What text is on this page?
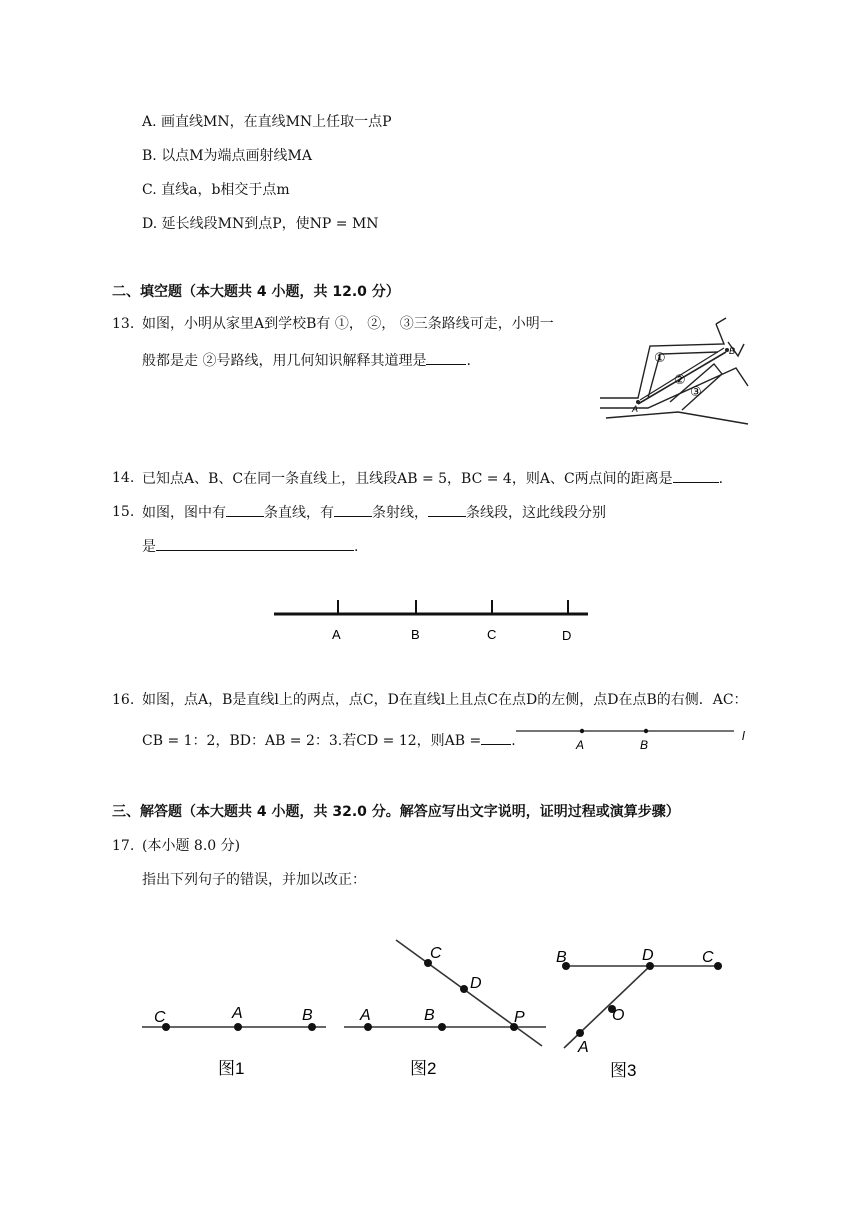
A. 画直线MN，在直线MN上任取一点P
B. 以点M为端点画射线MA
C. 直线a，b相交于点m
D. 延长线段MN到点P，使NP = MN
二、填空题（本大题共 4 小题，共 12.0 分）
13. 如图，小明从家里A到学校B有 ①， ②， ③三条路线可走，小明一
般都是走 ②号路线，用几何知识解释其道理是	.	①
②
③
A
B
14. 已知点A、B、C在同一条直线上，且线段AB = 5，BC = 4，则A、C两点间的距离是	.
15. 如图，图中有	条直线，有	条射线，	条线段，这此线段分别
是	.
A	B	C	D
16. 如图，点A，B是直线l上的两点，点C，D在直线l上且点C在点D的左侧，点D在点B的右侧．AC：
CB = 1：2，BD：AB = 2：3.若CD = 12，则AB = .	A	B
l
三、解答题（本大题共 4 小题，共 32.0 分。解答应写出文字说明，证明过程或演算步骤）
17. (本小题 8.0 分)
指出下列句子的错误，并加以改正：
C	A	B
图1
C
D
A	B	P
图2
B	D	C
O
A
图3
